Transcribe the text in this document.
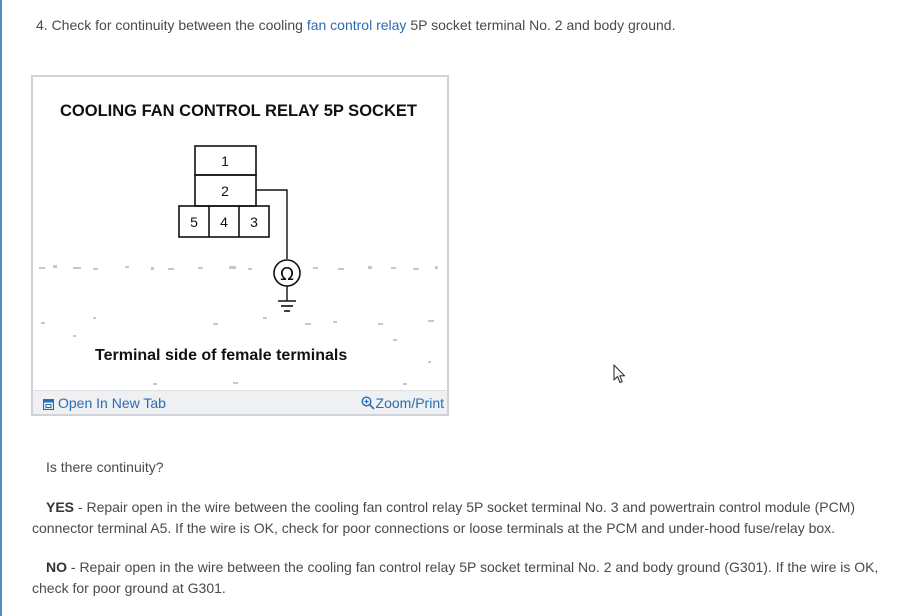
4. Check for continuity between the cooling fan control relay 5P socket terminal No. 2 and body ground.
COOLING FAN CONTROL RELAY 5P SOCKET
1
2
5 4 3
Ω
Terminal side of female terminals
Open In New Tab	Zoom/Print
Is there continuity?
YES - Repair open in the wire between the cooling fan control relay 5P socket terminal No. 3 and powertrain control module (PCM) connector terminal A5. If the wire is OK, check for poor connections or loose terminals at the PCM and under-hood fuse/relay box.
NO - Repair open in the wire between the cooling fan control relay 5P socket terminal No. 2 and body ground (G301). If the wire is OK, check for poor ground at G301.
